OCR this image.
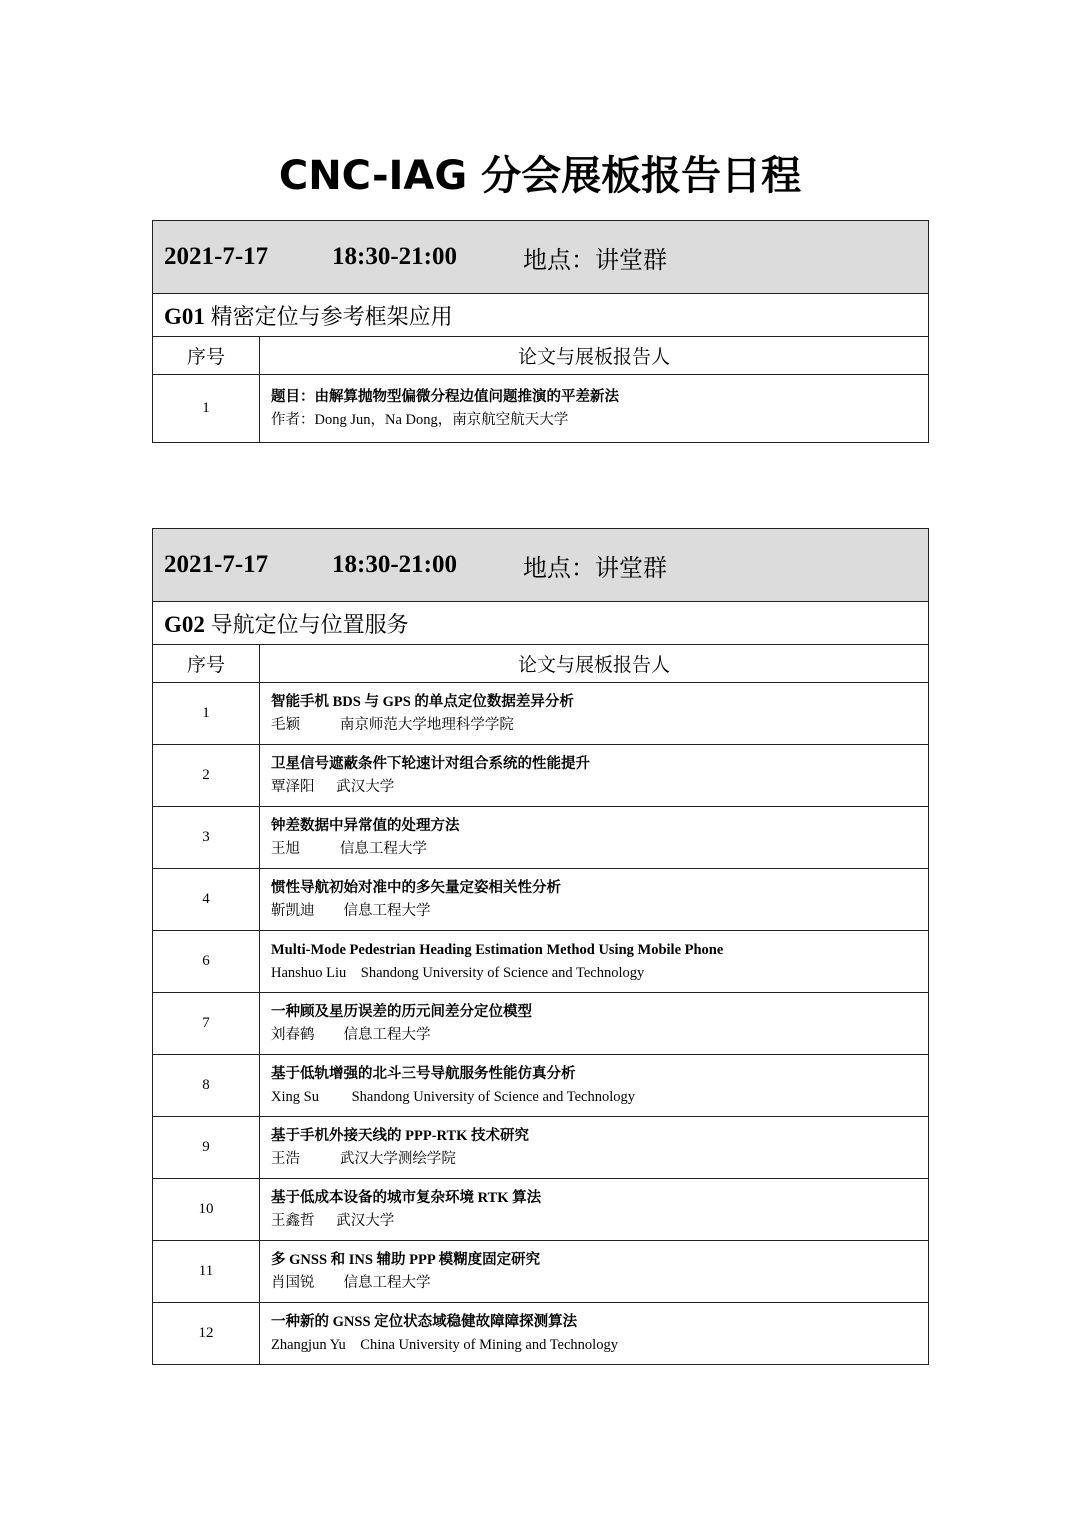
CNC-IAG 分会展板报告日程
2021-7-17 18:30-21:00 地点：讲堂群	

G01 精密定位与参考框架应用	
序号	论文与展板报告人
1	题目：由解算抛物型偏微分程边值问题推演的平差新法
作者：Dong Jun，Na Dong，南京航空航天大学
2021-7-17 18:30-21:00 地点：讲堂群	

G02 导航定位与位置服务	
序号	论文与展板报告人
1	智能手机 BDS 与 GPS 的单点定位数据差异分析
毛颖           南京师范大学地理科学学院

2	卫星信号遮蔽条件下轮速计对组合系统的性能提升
覃泽阳      武汉大学

3	钟差数据中异常值的处理方法
王旭           信息工程大学

4	惯性导航初始对准中的多矢量定姿相关性分析
靳凯迪        信息工程大学

6	Multi-Mode Pedestrian Heading Estimation Method Using Mobile Phone
Hanshuo Liu    Shandong University of Science and Technology

7	一种顾及星历误差的历元间差分定位模型
刘春鹤        信息工程大学

8	基于低轨增强的北斗三号导航服务性能仿真分析
Xing Su         Shandong University of Science and Technology

9	基于手机外接天线的 PPP-RTK 技术研究
王浩           武汉大学测绘学院

10	基于低成本设备的城市复杂环境 RTK 算法
王鑫哲      武汉大学

11	多 GNSS 和 INS 辅助 PPP 模糊度固定研究
肖国锐        信息工程大学

12	一种新的 GNSS 定位状态域稳健故障障探测算法
Zhangjun Yu    China University of Mining and Technology
